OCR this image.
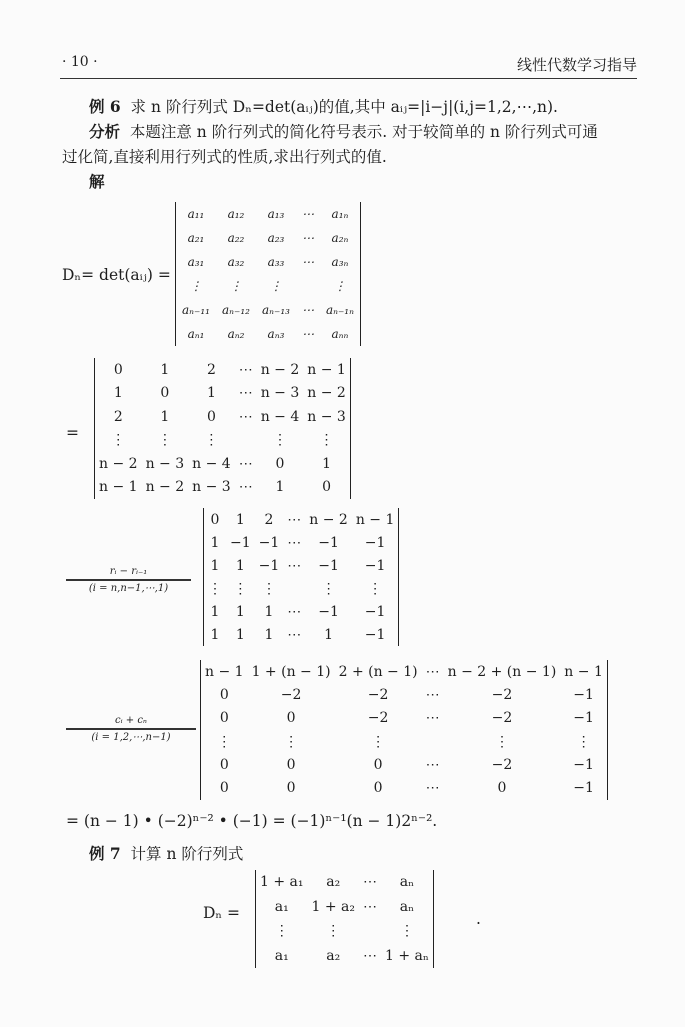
· 10 ·	线性代数学习指导
例 6 求 n 阶行列式 Dₙ=det(aᵢⱼ)的值,其中 aᵢⱼ=|i−j|(i,j=1,2,⋯,n).
分析 本题注意 n 阶行列式的简化符号表示. 对于较简单的 n 阶行列式可通
过化简,直接利用行列式的性质,求出行列式的值.
解
Dₙ= det(aᵢⱼ) =
a₁₁	a₁₂	a₁₃	⋯	a₁ₙ
a₂₁	a₂₂	a₂₃	⋯	a₂ₙ
a₃₁	a₃₂	a₃₃	⋯	a₃ₙ
⋮	⋮	⋮		⋮
aₙ₋₁₁	aₙ₋₁₂	aₙ₋₁₃	⋯	aₙ₋₁ₙ
aₙ₁	aₙ₂	aₙ₃	⋯	aₙₙ
=
0	1	2	⋯	n − 2	n − 1
1	0	1	⋯	n − 3	n − 2
2	1	0	⋯	n − 4	n − 3
⋮	⋮	⋮		⋮	⋮
n − 2	n − 3	n − 4	⋯	0	1
n − 1	n − 2	n − 3	⋯	1	0
rᵢ − rᵢ₋₁
(i = n,n−1,⋯,1)
0	1	2	⋯	n − 2	n − 1
1	−1	−1	⋯	−1	−1
1	1	−1	⋯	−1	−1
⋮	⋮	⋮		⋮	⋮
1	1	1	⋯	−1	−1
1	1	1	⋯	1	−1
cᵢ + cₙ
(i = 1,2,⋯,n−1)
n − 1	1 + (n − 1)	2 + (n − 1)	⋯	n − 2 + (n − 1)	n − 1
0	−2	−2	⋯	−2	−1
0	0	−2	⋯	−2	−1
⋮	⋮	⋮		⋮	⋮
0	0	0	⋯	−2	−1
0	0	0	⋯	0	−1
= (n − 1) • (−2)ⁿ⁻² • (−1) = (−1)ⁿ⁻¹(n − 1)2ⁿ⁻².
例 7 计算 n 阶行列式
Dₙ =
1 + a₁	a₂	⋯	aₙ
a₁	1 + a₂	⋯	aₙ
⋮	⋮		⋮
a₁	a₂	⋯	1 + aₙ
.
